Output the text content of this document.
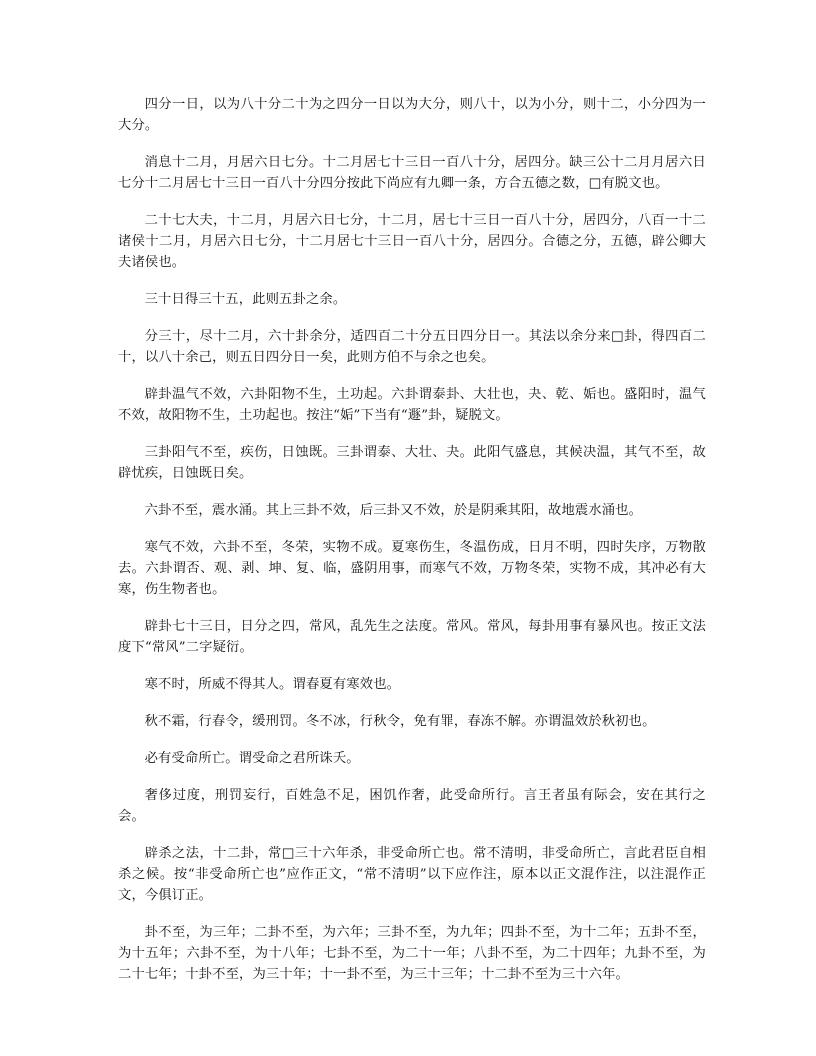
四分一日，以为八十分二十为之四分一日以为大分，则八十，以为小分，则十二，小分四为一大分。

消息十二月，月居六日七分。十二月居七十三日一百八十分，居四分。缺三公十二月月居六日七分十二月居七十三日一百八十分四分按此下尚应有九卿一条，方合五德之数，□有脱文也。

二十七大夫，十二月，月居六日七分，十二月，居七十三日一百八十分，居四分，八百一十二诸侯十二月，月居六日七分，十二月居七十三日一百八十分，居四分。合德之分，五德，辟公卿大夫诸侯也。

三十日得三十五，此则五卦之余。

分三十，尽十二月，六十卦余分，适四百二十分五日四分日一。其法以余分来□卦，得四百二十，以八十余己，则五日四分日一矣，此则方伯不与余之也矣。

辟卦温气不效，六卦阳物不生，土功起。六卦谓泰卦、大壮也，夬、乾、姤也。盛阳时，温气不效，故阳物不生，土功起也。按注“姤”下当有“遯”卦，疑脱文。

三卦阳气不至，疾伤，日蚀既。三卦谓泰、大壮、夬。此阳气盛息，其候决温，其气不至，故辟忧疾，日蚀既日矣。

六卦不至，震水涌。其上三卦不效，后三卦又不效，於是阴乘其阳，故地震水涌也。

寒气不效，六卦不至，冬荣，实物不成。夏寒伤生，冬温伤成，日月不明，四时失序，万物散去。六卦谓否、观、剥、坤、复、临，盛阴用事，而寒气不效，万物冬荣，实物不成，其冲必有大寒，伤生物者也。

辟卦七十三日，日分之四，常风，乱先生之法度。常风。常风，每卦用事有暴风也。按正文法度下“常风”二字疑衍。

寒不时，所威不得其人。谓春夏有寒效也。

秋不霜，行春令，缓刑罚。冬不冰，行秋令，免有罪，春冻不解。亦谓温效於秋初也。

必有受命所亡。谓受命之君所诛夭。

奢侈过度，刑罚妄行，百姓急不足，困饥作奢，此受命所行。言王者虽有际会，安在其行之会。

辟杀之法，十二卦，常□三十六年杀，非受命所亡也。常不清明，非受命所亡，言此君臣自相杀之候。按“非受命所亡也”应作正文，“常不清明”以下应作注，原本以正文混作注，以注混作正文，今俱订正。

卦不至，为三年；二卦不至，为六年；三卦不至，为九年；四卦不至，为十二年；五卦不至，为十五年；六卦不至，为十八年；七卦不至，为二十一年；八卦不至，为二十四年；九卦不至，为二十七年；十卦不至，为三十年；十一卦不至，为三十三年；十二卦不至为三十六年。
